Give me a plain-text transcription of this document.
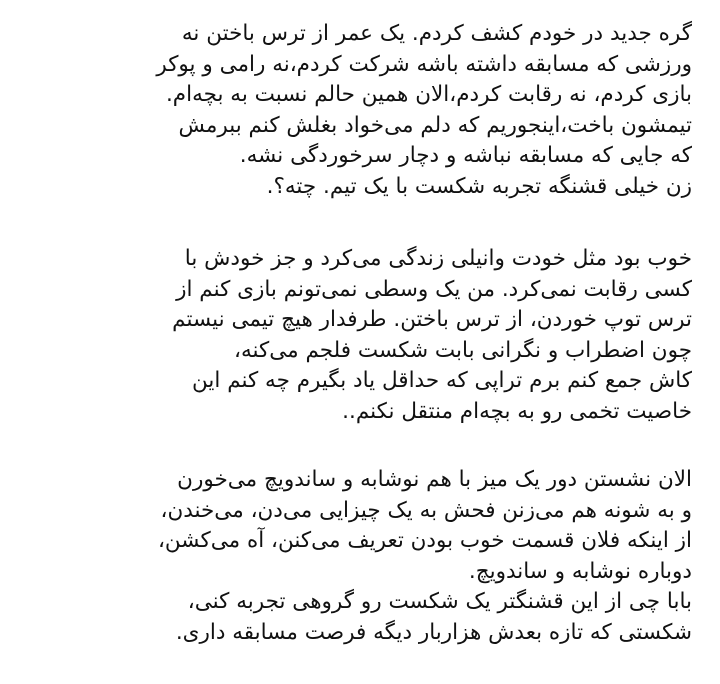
گره جدید در خودم کشف کردم. یک عمر از ترس باختن نه
ورزشی که مسابقه داشته باشه شرکت کردم،نه رامی و پوکر
بازی کردم، نه رقابت کردم،الان همین حالم نسبت به بچه‌ام.
تیمشون باخت،اینجوریم که دلم می‌خواد بغلش کنم ببرمش
که جایی که مسابقه نباشه و دچار سرخوردگی نشه.
زن خیلی قشنگه تجربه شکست با یک تیم. چته؟.
خوب بود مثل خودت وانیلی زندگی می‌کرد و جز خودش با
کسی رقابت نمی‌کرد. من یک وسطی نمی‌تونم بازی کنم از
ترس توپ خوردن، از ترس باختن. طرفدار هیچ تیمی نیستم
چون اضطراب و نگرانی بابت شکست فلجم می‌کنه،
کاش جمع کنم برم تراپی که حداقل یاد بگیرم چه کنم این
خاصیت تخمی رو به بچه‌ام منتقل نکنم..
الان نشستن دور یک میز با هم نوشابه و ساندویچ می‌خورن
و به شونه هم می‌زنن فحش به یک چیزایی می‌دن، می‌خندن،
از اینکه فلان قسمت خوب بودن تعریف می‌کنن، آه می‌کشن،
دوباره نوشابه و ساندویچ.
بابا چی از این قشنگتر یک شکست رو گروهی تجربه کنی،
شکستی که تازه بعدش هزاربار دیگه فرصت مسابقه داری.
